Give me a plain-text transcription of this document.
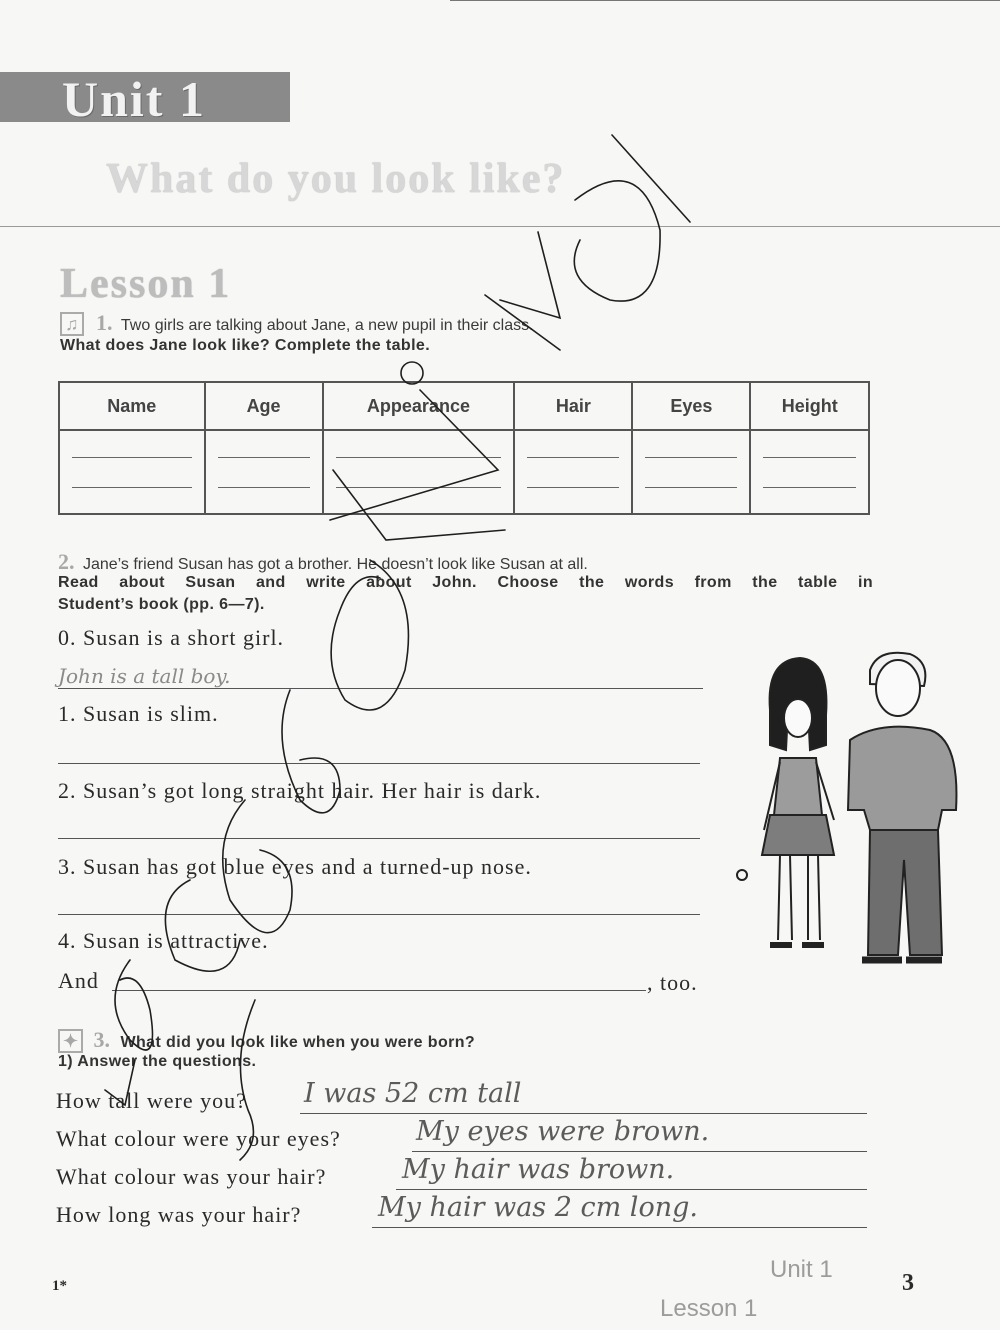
Unit 1
What do you look like?
Lesson 1
♫ 1. Two girls are talking about Jane, a new pupil in their class.
What does Jane look like? Complete the table.
Name	Age	Appearance	Hair	Eyes	Height

2. Jane’s friend Susan has got a brother. He doesn’t look like Susan at all.
Read about Susan and write about John. Choose the words from the table in
Student’s book (pp. 6—7).
0. Susan is a short girl.
John is a tall boy.
1. Susan is slim.
2. Susan’s got long straight hair. Her hair is dark.
3. Susan has got blue eyes and a turned-up nose.
4. Susan is attractive.
And	, too.
✦ 3. What did you look like when you were born?
1) Answer the questions.
How tall were you? I was 52 cm tall
What colour were your eyes?	My eyes were brown.
What colour was your hair?	My hair was brown.
How long was your hair?	My hair was 2 cm long.
1*	3
Unit 1
Lesson 1
